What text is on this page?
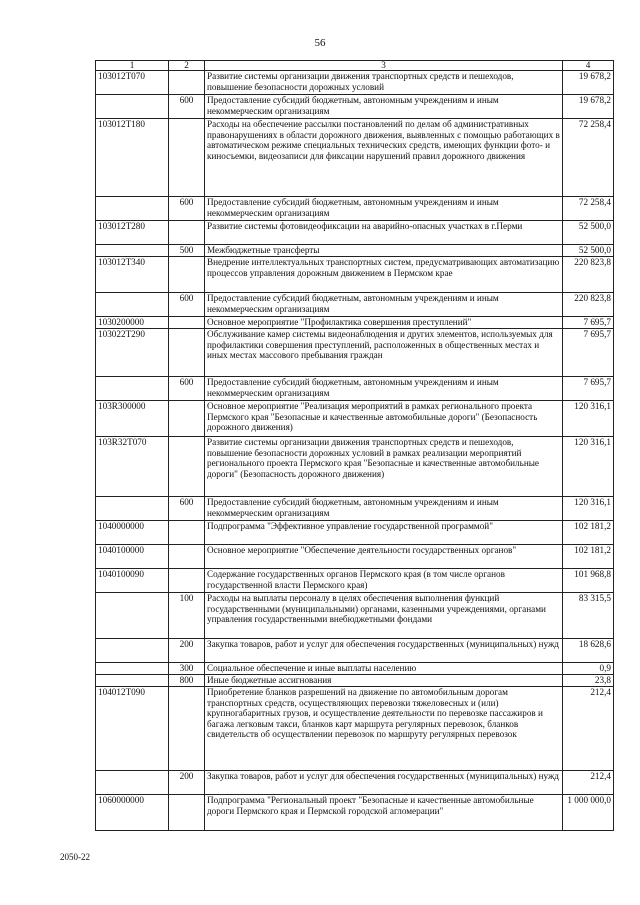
56
1	2	3	4
103012T070		Развитие системы организации движения транспортных средств и пешеходов, повышение безопасности дорожных условий	19 678,2
	600	Предоставление субсидий бюджетным, автономным учреждениям и иным некоммерческим организациям	19 678,2
103012T180		Расходы на обеспечение рассылки постановлений по делам об административных правонарушениях в области дорожного движения, выявленных с помощью работающих в автоматическом режиме специальных технических средств, имеющих функции фото- и киносъемки, видеозаписи для фиксации нарушений правил дорожного движения	72 258,4
	600	Предоставление субсидий бюджетным, автономным учреждениям и иным некоммерческим организациям	72 258,4
103012T280		Развитие системы фотовидеофиксации на аварийно-опасных участках в г.Перми	52 500,0
	500	Межбюджетные трансферты	52 500,0
103012T340		Внедрение интеллектуальных транспортных систем, предусматривающих автоматизацию процессов управления дорожным движением в Пермском крае	220 823,8
	600	Предоставление субсидий бюджетным, автономным учреждениям и иным некоммерческим организациям	220 823,8
1030200000		Основное мероприятие "Профилактика совершения преступлений"	7 695,7
103022T290		Обслуживание камер системы видеонаблюдения и других элементов, используемых для профилактики совершения преступлений, расположенных в общественных местах и иных местах массового пребывания граждан	7 695,7
	600	Предоставление субсидий бюджетным, автономным учреждениям и иным некоммерческим организациям	7 695,7
103R300000		Основное мероприятие "Реализация мероприятий в рамках регионального проекта Пермского края "Безопасные и качественные автомобильные дороги" (Безопасность дорожного движения)	120 316,1
103R32T070		Развитие системы организации движения транспортных средств и пешеходов, повышение безопасности дорожных условий в рамках реализации мероприятий регионального проекта Пермского края "Безопасные и качественные автомобильные дороги" (Безопасность дорожного движения)	120 316,1
	600	Предоставление субсидий бюджетным, автономным учреждениям и иным некоммерческим организациям	120 316,1
1040000000		Подпрограмма "Эффективное управление государственной программой"	102 181,2
1040100000		Основное мероприятие "Обеспечение деятельности государственных органов"	102 181,2
1040100090		Содержание государственных органов Пермского края (в том числе органов государственной власти Пермского края)	101 968,8
	100	Расходы на выплаты персоналу в целях обеспечения выполнения функций государственными (муниципальными) органами, казенными учреждениями, органами управления государственными внебюджетными фондами	83 315,5
	200	Закупка товаров, работ и услуг для обеспечения государственных (муниципальных) нужд	18 628,6
	300	Социальное обеспечение и иные выплаты населению	0,9
	800	Иные бюджетные ассигнования	23,8
104012T090		Приобретение бланков разрешений на движение по автомобильным дорогам транспортных средств, осуществляющих перевозки тяжеловесных и (или) крупногабаритных грузов, и осуществление деятельности по перевозке пассажиров и багажа легковым такси, бланков карт маршрута регулярных перевозок, бланков свидетельств об осуществлении перевозок по маршруту регулярных перевозок	212,4
	200	Закупка товаров, работ и услуг для обеспечения государственных (муниципальных) нужд	212,4
1060000000		Подпрограмма "Региональный проект "Безопасные и качественные автомобильные дороги Пермского края и Пермской городской агломерации"	1 000 000,0
2050-22
